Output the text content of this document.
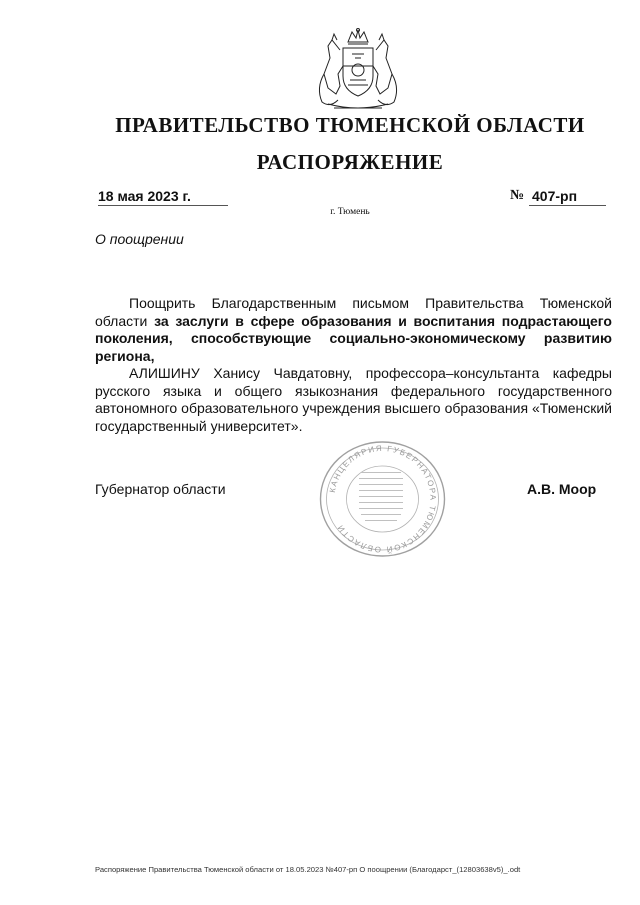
ПРАВИТЕЛЬСТВО ТЮМЕНСКОЙ ОБЛАСТИ
РАСПОРЯЖЕНИЕ
18 мая 2023 г.	№ 407-рп
г. Тюмень
О поощрении
Поощрить Благодарственным письмом Правительства Тюменской области за заслуги в сфере образования и воспитания подрастающего поколения, способствующие социально-экономическому развитию региона,
АЛИШИНУ Ханису Чавдатовну, профессора–консультанта кафедры русского языка и общего языкознания федерального государственного автономного образовательного учреждения высшего образования «Тюменский государственный университет».
Губернатор области	КАНЦЕЛЯРИЯ ГУБЕРНАТОРА ТЮМЕНСКОЙ ОБЛАСТИ
А.В. Моор
Распоряжение Правительства Тюменской области от 18.05.2023 №407-рп О поощрении (Благодарст_(12803638v5)_.odt
